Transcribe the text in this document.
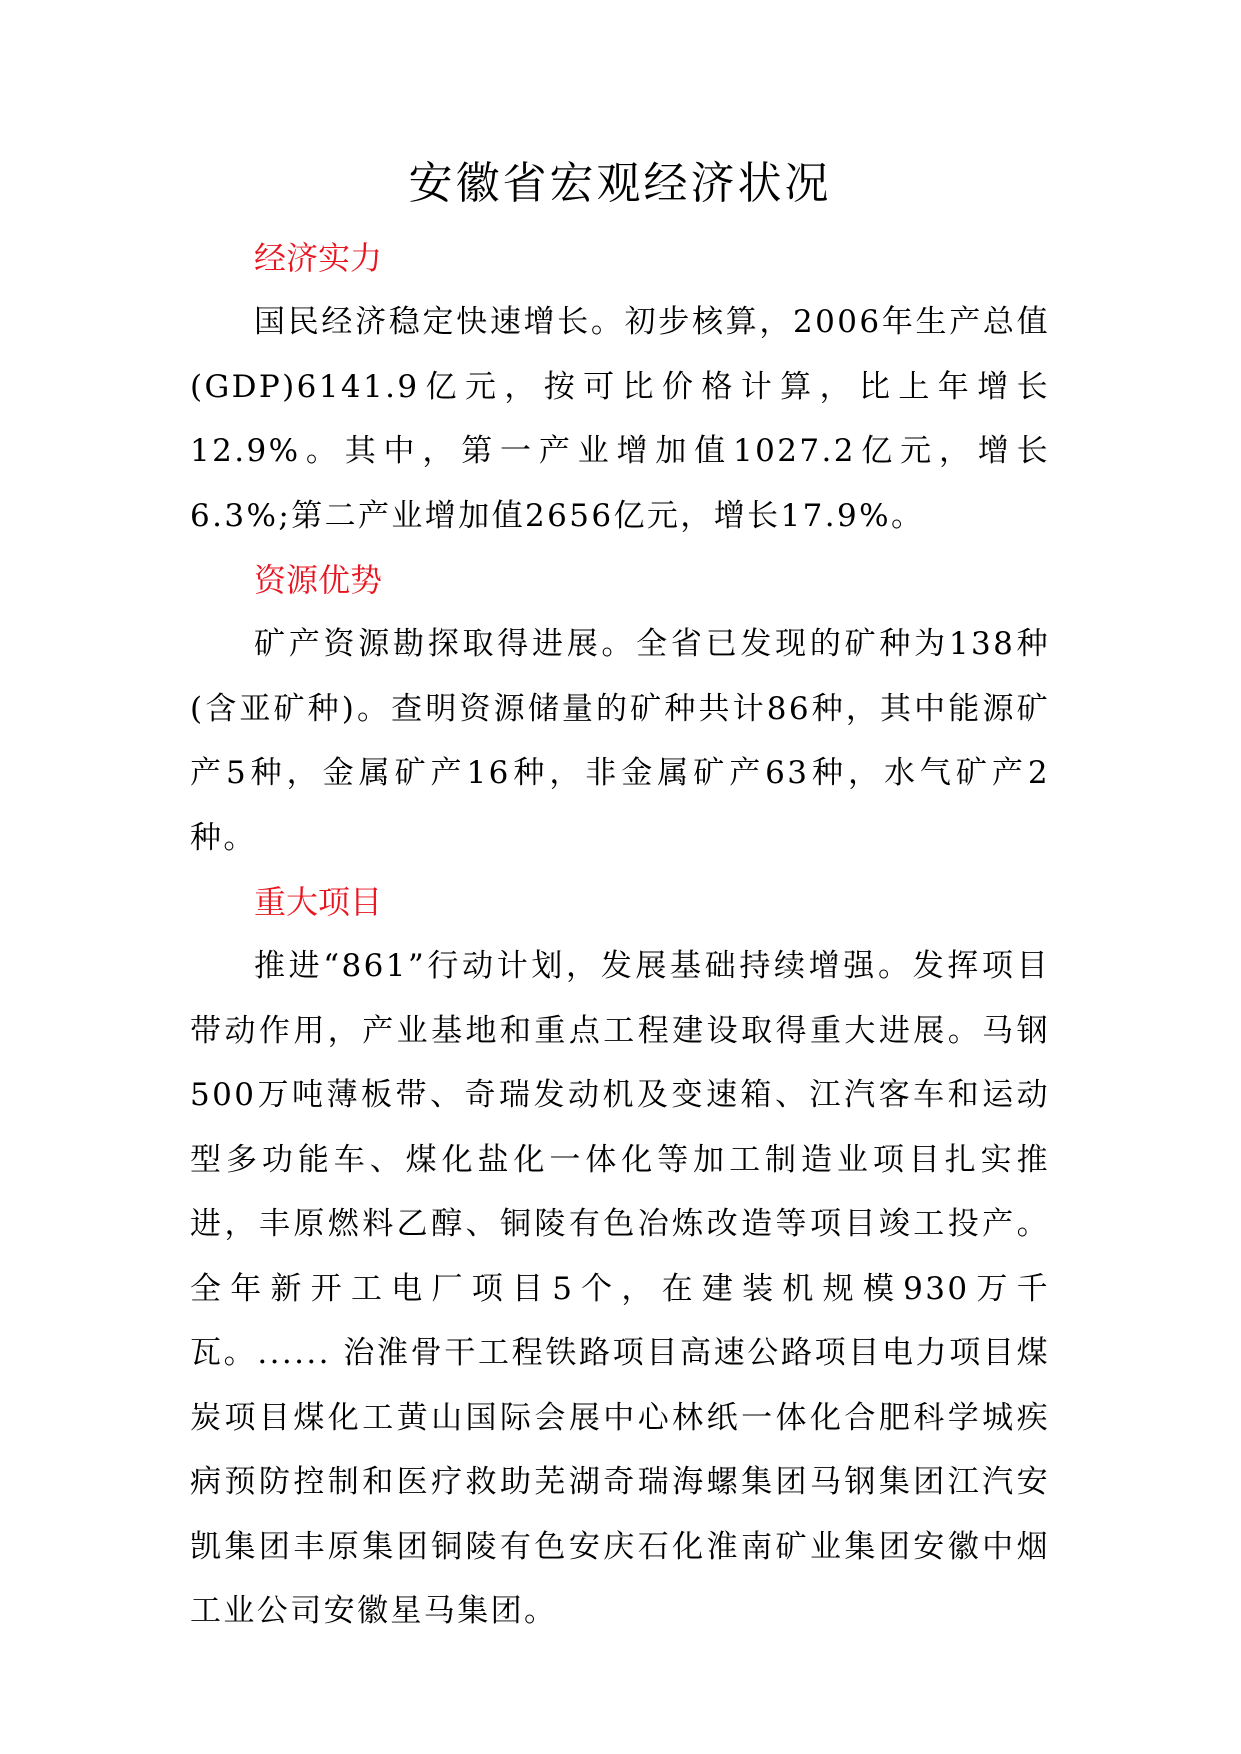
安徽省宏观经济状况
经济实力

国民经济稳定快速增长。初步核算，2006年生产总值(GDP)6141.9亿元，按可比价格计算，比上年增长12.9%。其中，第一产业增加值1027.2亿元，增长6.3%;第二产业增加值2656亿元，增长17.9%。

资源优势

矿产资源勘探取得进展。全省已发现的矿种为138种(含亚矿种)。查明资源储量的矿种共计86种，其中能源矿产5种，金属矿产16种，非金属矿产63种，水气矿产2种。

重大项目

推进“861”行动计划，发展基础持续增强。发挥项目带动作用，产业基地和重点工程建设取得重大进展。马钢500万吨薄板带、奇瑞发动机及变速箱、江汽客车和运动型多功能车、煤化盐化一体化等加工制造业项目扎实推进，丰原燃料乙醇、铜陵有色冶炼改造等项目竣工投产。全年新开工电厂项目5个，在建装机规模930万千瓦。...... 治淮骨干工程铁路项目高速公路项目电力项目煤炭项目煤化工黄山国际会展中心林纸一体化合肥科学城疾病预防控制和医疗救助芜湖奇瑞海螺集团马钢集团江汽安凯集团丰原集团铜陵有色安庆石化淮南矿业集团安徽中烟工业公司安徽星马集团。
